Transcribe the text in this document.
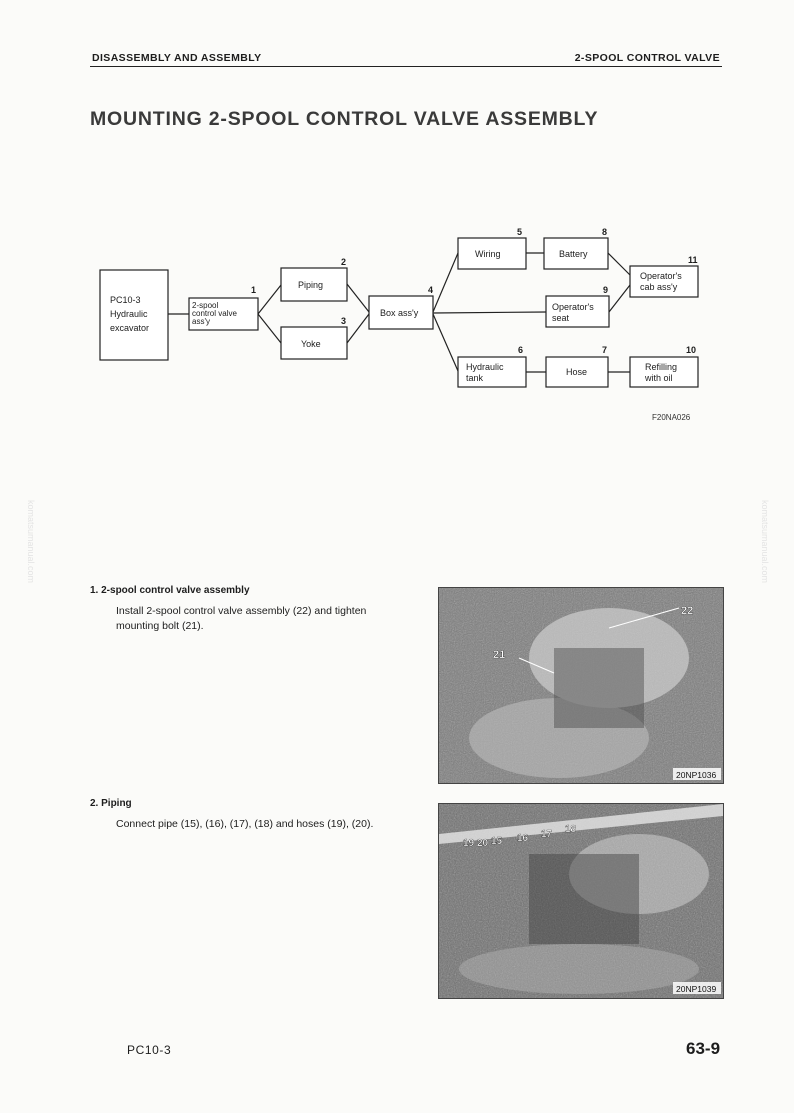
DISASSEMBLY AND ASSEMBLY	2-SPOOL CONTROL VALVE
MOUNTING 2-SPOOL CONTROL VALVE ASSEMBLY
PC10-3
Hydraulic
excavator
2-spool
control valve
ass'y
Piping
Yoke
Box ass'y
Wiring	Battery
Operator's
seat
Operator's
cab ass'y
Hydraulic
tank
Hose	Refilling
with oil
1
2
3
4
5	8
9
11
6	7	10
F20NA026
1. 2-spool control valve assembly
Install 2-spool control valve assembly (22) and tighten
mounting bolt (21).
22
21
20NP1036
2. Piping
Connect pipe (15), (16), (17), (18) and hoses (19), (20).
19 20 15 16 17 18
20NP1039
komatsumanual.com	komatsumanual.com
PC10-3	63-9
